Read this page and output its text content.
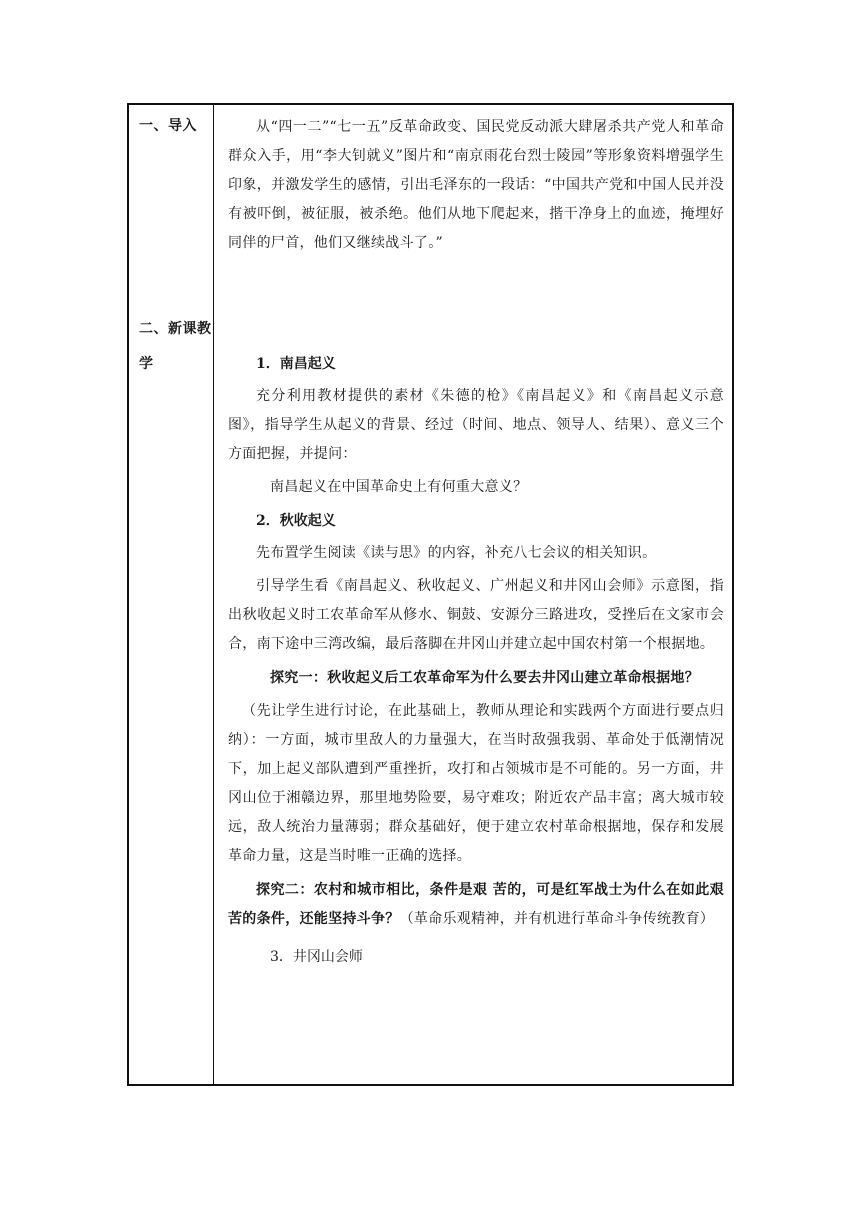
一、导入
二、新课教
学

从“四一二”“七一五”反革命政变、国民党反动派大肆屠杀共产党人和革命群众入手，用“李大钊就义”图片和“南京雨花台烈士陵园”等形象资料增强学生印象，并激发学生的感情，引出毛泽东的一段话：“中国共产党和中国人民并没有被吓倒，被征服，被杀绝。他们从地下爬起来，揩干净身上的血迹，掩埋好同伴的尸首，他们又继续战斗了。”

1．南昌起义

充分利用教材提供的素材《朱德的枪》《南昌起义》和《南昌起义示意图》，指导学生从起义的背景、经过（时间、地点、领导人、结果）、意义三个方面把握，并提问：

南昌起义在中国革命史上有何重大意义？

2．秋收起义

先布置学生阅读《读与思》的内容，补充八七会议的相关知识。

引导学生看《南昌起义、秋收起义、广州起义和井冈山会师》示意图，指出秋收起义时工农革命军从修水、铜鼓、安源分三路进攻，受挫后在文家市会合，南下途中三湾改编，最后落脚在井冈山并建立起中国农村第一个根据地。

探究一：秋收起义后工农革命军为什么要去井冈山建立革命根据地？

（先让学生进行讨论，在此基础上，教师从理论和实践两个方面进行要点归纳）：一方面，城市里敌人的力量强大，在当时敌强我弱、革命处于低潮情况下，加上起义部队遭到严重挫折，攻打和占领城市是不可能的。另一方面，井冈山位于湘赣边界，那里地势险要，易守难攻；附近农产品丰富；离大城市较远，敌人统治力量薄弱；群众基础好，便于建立农村革命根据地，保存和发展革命力量，这是当时唯一正确的选择。

探究二：农村和城市相比，条件是艰 苦的，可是红军战士为什么在如此艰苦的条件，还能坚持斗争？（革命乐观精神，并有机进行革命斗争传统教育）

3．井冈山会师
